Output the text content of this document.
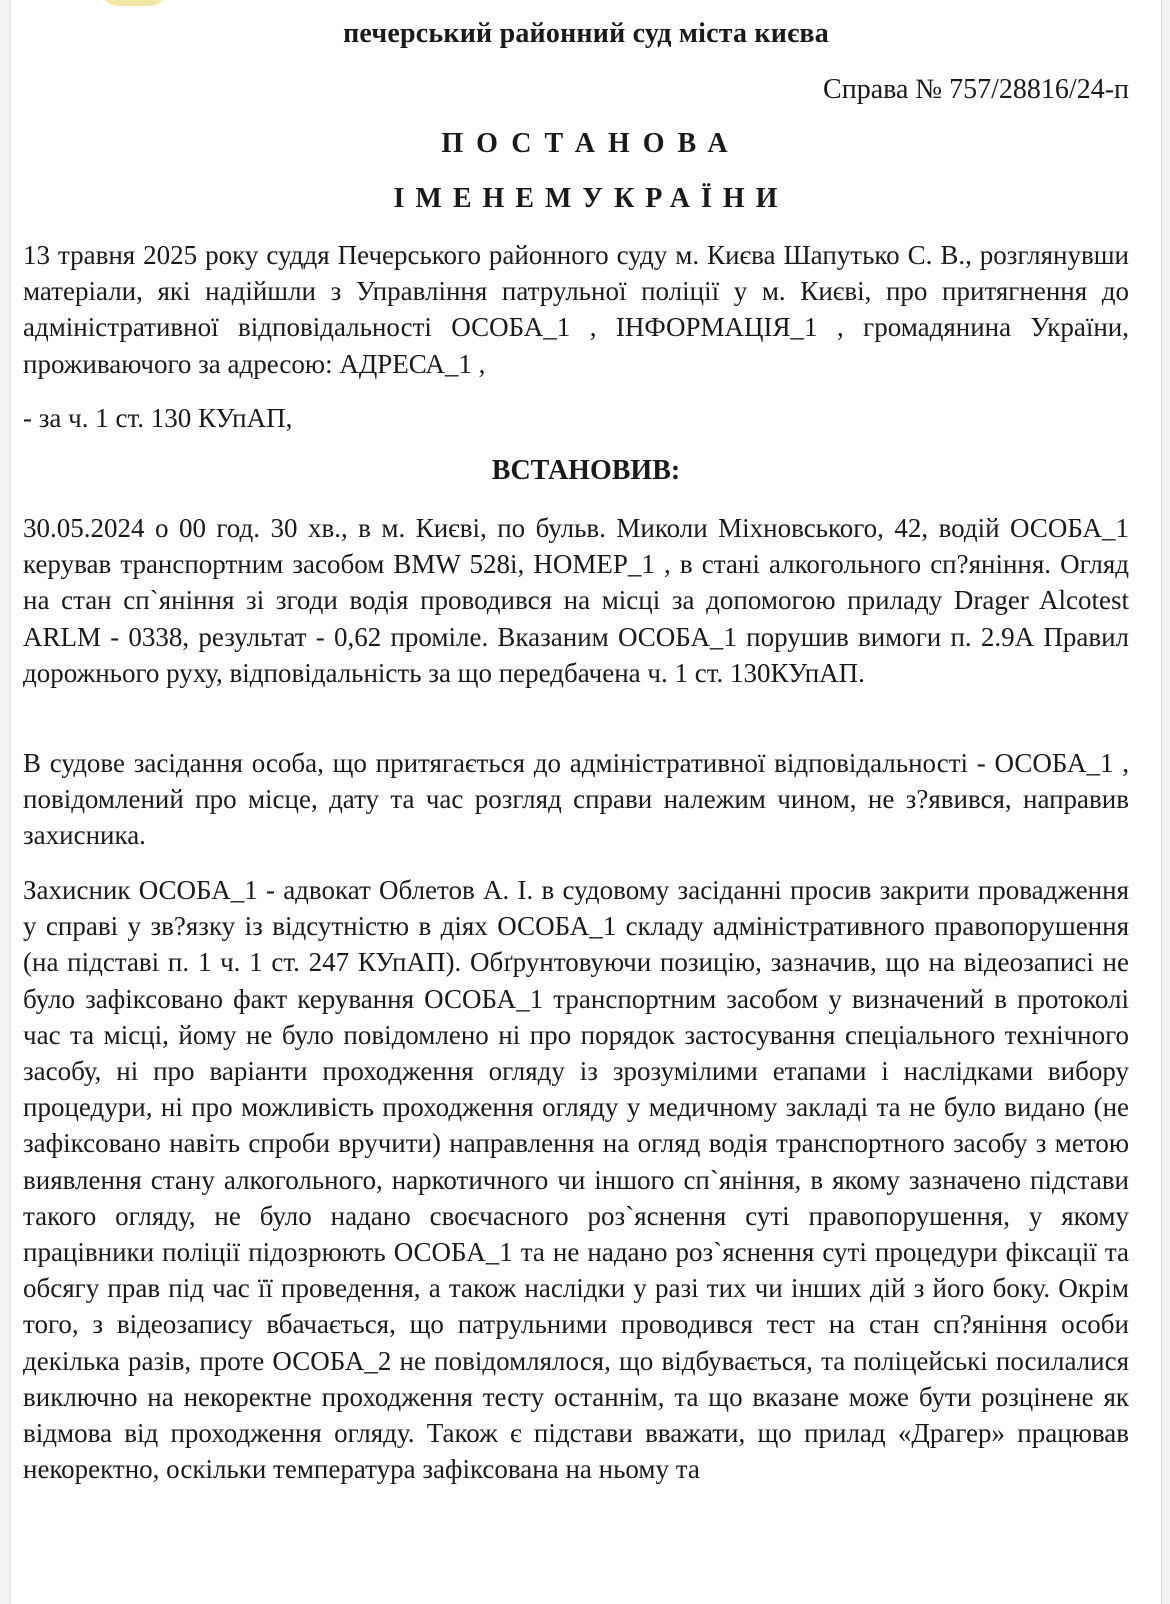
печерський районний суд міста києва
Справа № 757/28816/24-п
ПОСТАНОВА
ІМЕНЕМУКРАЇНИ

13 травня 2025 року суддя Печерського районного суду м. Києва Шапутько С. В., розглянувши матеріали, які надійшли з Управління патрульної поліції у м. Києві, про притягнення до адміністративної відповідальності ОСОБА_1 , ІНФОРМАЦІЯ_1 , громадянина України, проживаючого за адресою: АДРЕСА_1 ,

- за ч. 1 ст. 130 КУпАП,

ВСТАНОВИВ:

30.05.2024 о 00 год. 30 хв., в м. Києві, по бульв. Миколи Міхновського, 42, водій ОСОБА_1 керував транспортним засобом BMW 528i, НОМЕР_1 , в стані алкогольного сп?яніння. Огляд на стан сп`яніння зі згоди водія проводився на місці за допомогою приладу Drager Alcotest ARLM - 0338, результат - 0,62 проміле. Вказаним ОСОБА_1 порушив вимоги п. 2.9А Правил дорожнього руху, відповідальність за що передбачена ч. 1 ст. 130КУпАП.

В судове засідання особа, що притягається до адміністративної відповідальності - ОСОБА_1 , повідомлений про місце, дату та час розгляд справи належим чином, не з?явився, направив захисника.

Захисник ОСОБА_1 - адвокат Облетов А. І. в судовому засіданні просив закрити провадження у справі у зв?язку із відсутністю в діях ОСОБА_1 складу адміністративного правопорушення (на підставі п. 1 ч. 1 ст. 247 КУпАП). Обґрунтовуючи позицію, зазначив, що на відеозаписі не було зафіксовано факт керування ОСОБА_1 транспортним засобом у визначений в протоколі час та місці, йому не було повідомлено ні про порядок застосування спеціального технічного засобу, ні про варіанти проходження огляду із зрозумілими етапами і наслідками вибору процедури, ні про можливість проходження огляду у медичному закладі та не було видано (не зафіксовано навіть спроби вручити) направлення на огляд водія транспортного засобу з метою виявлення стану алкогольного, наркотичного чи іншого сп`яніння, в якому зазначено підстави такого огляду, не було надано своєчасного роз`яснення суті правопорушення, у якому працівники поліції підозрюють ОСОБА_1 та не надано роз`яснення суті процедури фіксації та обсягу прав під час її проведення, а також наслідки у разі тих чи інших дій з його боку. Окрім того, з відеозапису вбачається, що патрульними проводився тест на стан сп?яніння особи декілька разів, проте ОСОБА_2 не повідомлялося, що відбувається, та поліцейські посилалися виключно на некоректне проходження тесту останнім, та що вказане може бути розцінене як відмова від проходження огляду. Також є підстави вважати, що прилад «Драгер» працював некоректно, оскільки температура зафіксована на ньому та
